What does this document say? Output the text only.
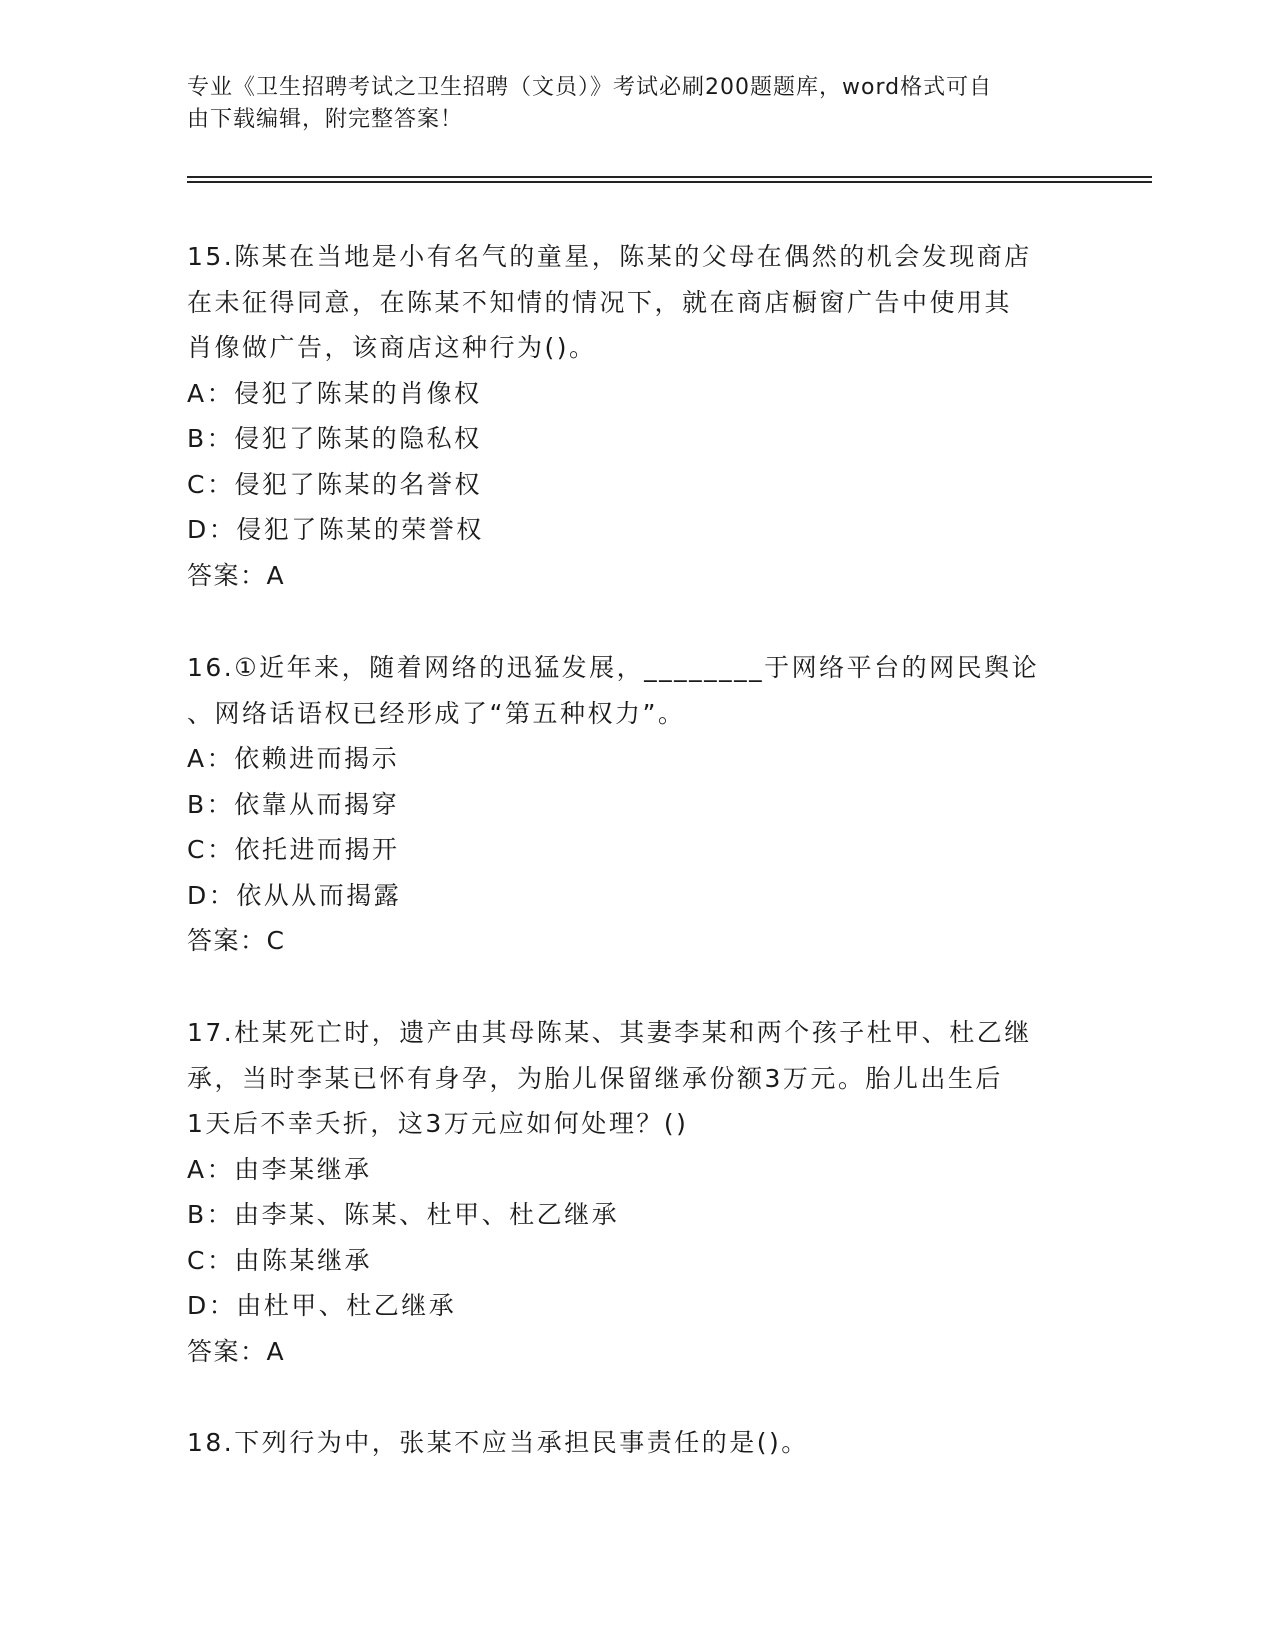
专业《卫生招聘考试之卫生招聘（文员）》考试必刷200题题库，word格式可自
由下载编辑，附完整答案！

15.陈某在当地是小有名气的童星，陈某的父母在偶然的机会发现商店

在未征得同意，在陈某不知情的情况下，就在商店橱窗广告中使用其

肖像做广告，该商店这种行为()。

A：侵犯了陈某的肖像权

B：侵犯了陈某的隐私权

C：侵犯了陈某的名誉权

D：侵犯了陈某的荣誉权

答案：A

16.①近年来，随着网络的迅猛发展，________于网络平台的网民舆论

、网络话语权已经形成了“第五种权力”。

A：依赖进而揭示

B：依靠从而揭穿

C：依托进而揭开

D：依从从而揭露

答案：C

17.杜某死亡时，遗产由其母陈某、其妻李某和两个孩子杜甲、杜乙继

承，当时李某已怀有身孕，为胎儿保留继承份额3万元。胎儿出生后

1天后不幸夭折，这3万元应如何处理？()

A：由李某继承

B：由李某、陈某、杜甲、杜乙继承

C：由陈某继承

D：由杜甲、杜乙继承

答案：A

18.下列行为中，张某不应当承担民事责任的是()。
